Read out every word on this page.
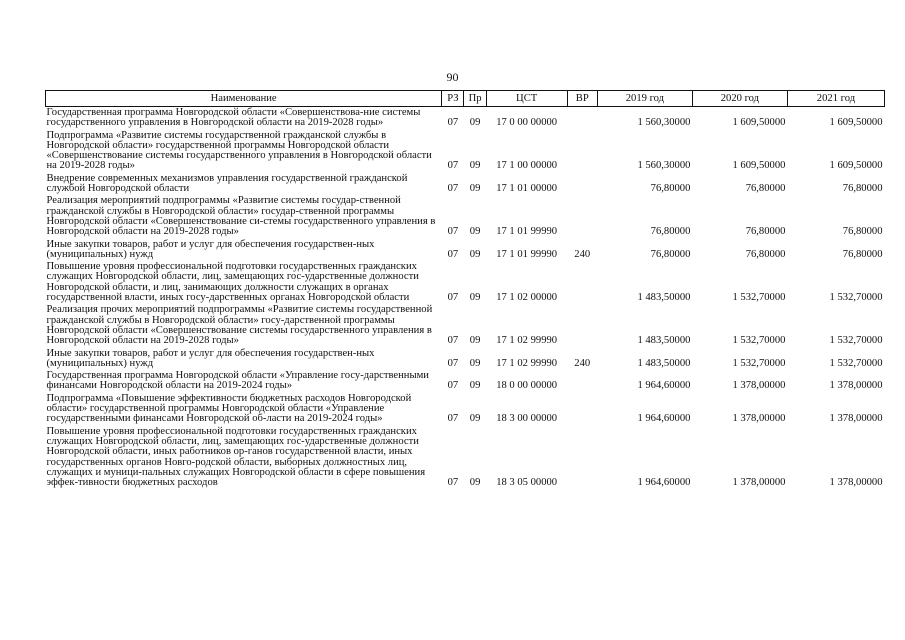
90
Наименование	РЗ	Пр	ЦСТ	ВР	2019 год	2020 год	2021 год
Государственная программа Новгородской области «Совершенствова-ние системы государственного управления в Новгородской области на 2019-2028 годы»	07	09	17 0 00 00000		1 560,30000	1 609,50000	1 609,50000
Подпрограмма «Развитие системы государственной гражданской службы в Новгородской области» государственной программы Новгородской области «Совершенствование системы государственного управления в Новгородской области на 2019-2028 годы»	07	09	17 1 00 00000		1 560,30000	1 609,50000	1 609,50000
Внедрение современных механизмов управления государственной гражданской службой Новгородской области	07	09	17 1 01 00000		76,80000	76,80000	76,80000
Реализация мероприятий подпрограммы «Развитие системы государ-ственной гражданской службы в Новгородской области» государ-ственной программы Новгородской области «Совершенствование си-стемы государственного управления в Новгородской области на 2019-2028 годы»	07	09	17 1 01 99990		76,80000	76,80000	76,80000
Иные закупки товаров, работ и услуг для обеспечения государствен-ных (муниципальных) нужд	07	09	17 1 01 99990	240	76,80000	76,80000	76,80000
Повышение уровня профессиональной подготовки государственных гражданских служащих Новгородской области, лиц, замещающих гос-ударственные должности Новгородской области, и лиц, занимающих должности служащих в органах государственной власти, иных госу-дарственных органах Новгородской области	07	09	17 1 02 00000		1 483,50000	1 532,70000	1 532,70000
Реализация прочих мероприятий подпрограммы «Развитие системы государственной гражданской службы в Новгородской области» госу-дарственной программы Новгородской области «Совершенствование системы государственного управления в Новгородской области на 2019-2028 годы»	07	09	17 1 02 99990		1 483,50000	1 532,70000	1 532,70000
Иные закупки товаров, работ и услуг для обеспечения государствен-ных (муниципальных) нужд	07	09	17 1 02 99990	240	1 483,50000	1 532,70000	1 532,70000
Государственная программа Новгородской области «Управление госу-дарственными финансами Новгородской области на 2019-2024 годы»	07	09	18 0 00 00000		1 964,60000	1 378,00000	1 378,00000
Подпрограмма «Повышение эффективности бюджетных расходов Новгородской области» государственной программы Новгородской области «Управление государственными финансами Новгородской об-ласти на 2019-2024 годы»	07	09	18 3 00 00000		1 964,60000	1 378,00000	1 378,00000
Повышение уровня профессиональной подготовки государственных гражданских служащих Новгородской области, лиц, замещающих гос-ударственные должности Новгородской области, иных работников ор-ганов государственной власти, иных государственных органов Новго-родской области, выборных должностных лиц, служащих и муници-пальных служащих Новгородской области в сфере повышения эффек-тивности бюджетных расходов	07	09	18 3 05 00000		1 964,60000	1 378,00000	1 378,00000
